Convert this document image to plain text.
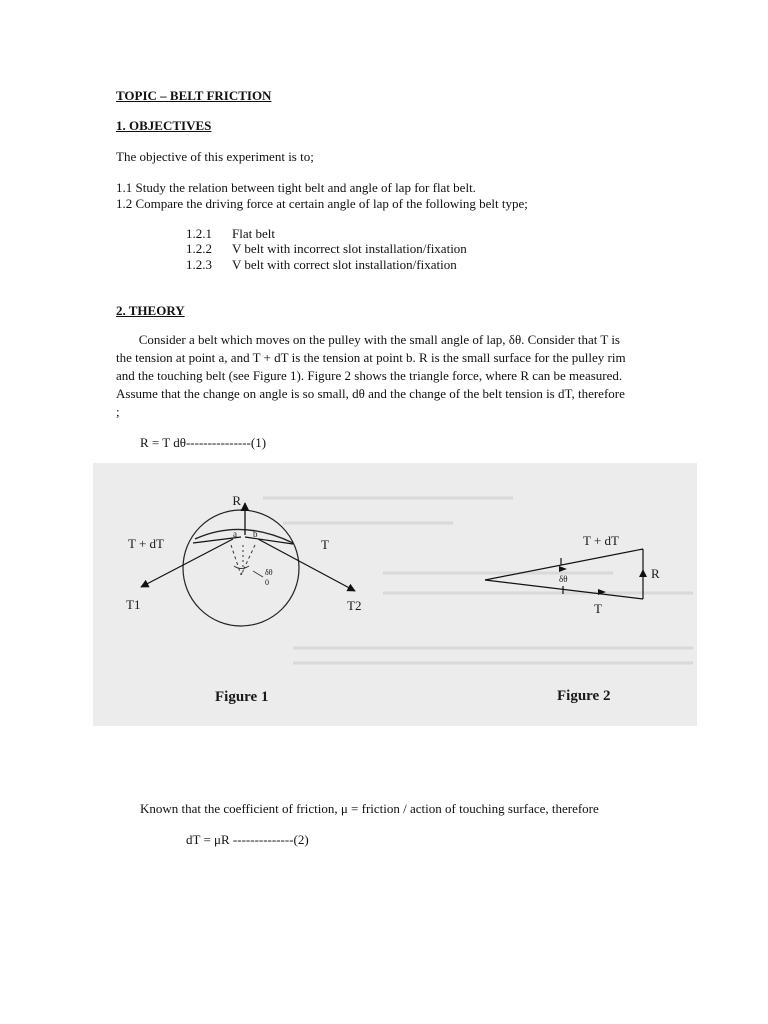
TOPIC – BELT FRICTION
1. OBJECTIVES
The objective of this experiment is to;
1.1 Study the relation between tight belt and angle of lap for flat belt.
1.2 Compare the driving force at certain angle of lap of the following belt type;
1.2.1 Flat belt
1.2.2 V belt with incorrect slot installation/fixation
1.2.3 V belt with correct slot installation/fixation
2. THEORY
Consider a belt which moves on the pulley with the small angle of lap, δθ. Consider that T is
the tension at point a, and T + dT is the tension at point b. R is the small surface for the pulley rim
and the touching belt (see Figure 1). Figure 2 shows the triangle force, where R can be measured.
Assume that the change on angle is so small, dθ and the change of the belt tension is dT, therefore
;
R = T dθ---------------(1)
R
a b
T + dT	T
T1	T2
δθ
0
Figure 1
T + dT
R
T
δθ
Figure 2
Known that the coefficient of friction, μ = friction / action of touching surface, therefore
dT = μR --------------(2)
